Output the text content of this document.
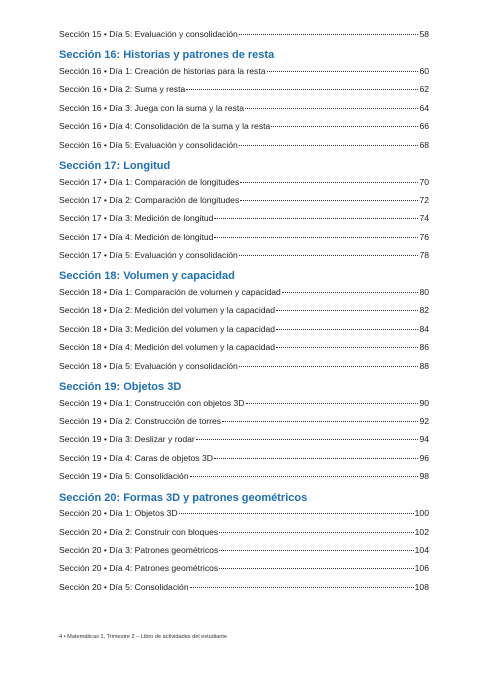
Sección 15 • Día 5: Evaluación y consolidación	58
Sección 16: Historias y patrones de resta
Sección 16 • Día 1: Creación de historias para la resta	60
Sección 16 • Día 2: Suma y resta	62
Sección 16 • Día 3: Juega con la suma y la resta	64
Sección 16 • Día 4: Consolidación de la suma y la resta	66
Sección 16 • Día 5: Evaluación y consolidación	68
Sección 17: Longitud
Sección 17 • Día 1: Comparación de longitudes	70
Sección 17 • Día 2: Comparación de longitudes	72
Sección 17 • Día 3: Medición de longitud	74
Sección 17 • Día 4: Medición de longitud	76
Sección 17 • Día 5: Evaluación y consolidación	78
Sección 18: Volumen y capacidad
Sección 18 • Día 1: Comparación de volumen y capacidad	80
Sección 18 • Día 2: Medición del volumen y la capacidad	82
Sección 18 • Día 3: Medición del volumen y la capacidad	84
Sección 18 • Día 4: Medición del volumen y la capacidad	86
Sección 18 • Día 5: Evaluación y consolidación	88
Sección 19: Objetos 3D
Sección 19 • Día 1: Construcción con objetos 3D	90
Sección 19 • Día 2: Construcción de torres	92
Sección 19 • Día 3: Deslizar y rodar	94
Sección 19 • Día 4: Caras de objetos 3D	96
Sección 19 • Día 5: Consolidación	98
Sección 20: Formas 3D y patrones geométricos
Sección 20 • Día 1: Objetos 3D	100
Sección 20 • Día 2: Construir con bloques	102
Sección 20 • Día 3: Patrones geométricos	104
Sección 20 • Día 4: Patrones geométricos	106
Sección 20 • Día 5: Consolidación	108
4 • Matemáticas 1, Trimestre 2 – Libro de actividades del estudiante
